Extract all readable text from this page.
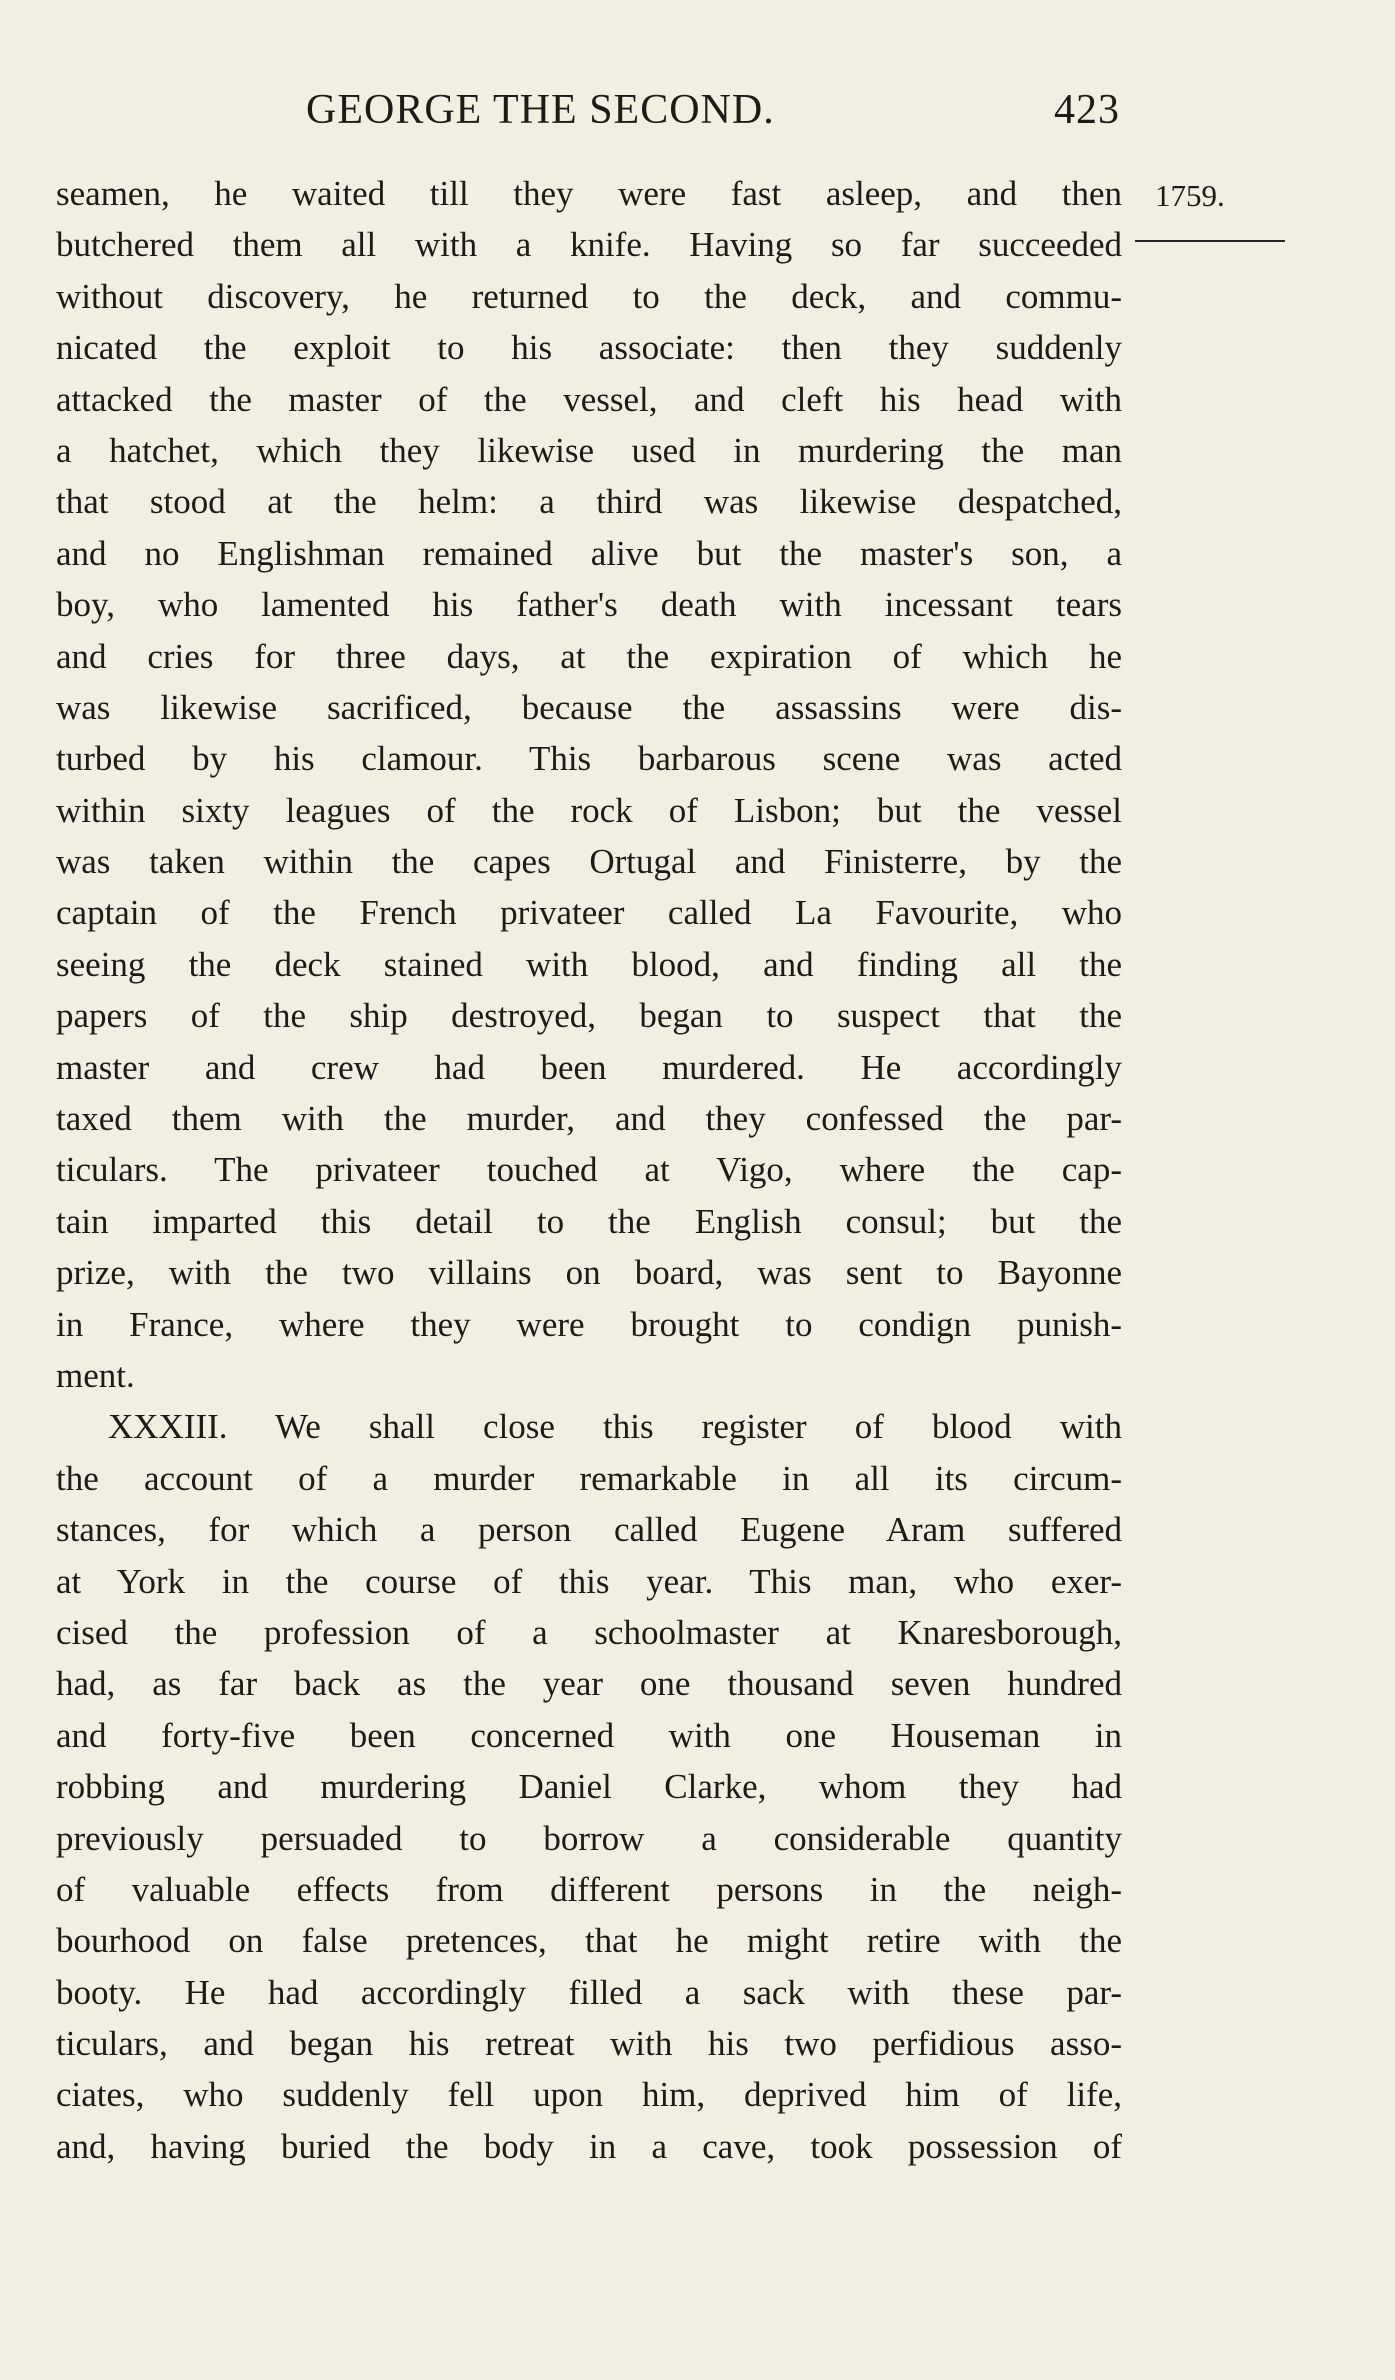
GEORGE THE SECOND.	423
1759.
seamen, he waited till they were fast asleep, and then
butchered them all with a knife. Having so far succeeded
without discovery, he returned to the deck, and commu-
nicated the exploit to his associate: then they suddenly
attacked the master of the vessel, and cleft his head with
a hatchet, which they likewise used in murdering the man
that stood at the helm: a third was likewise despatched,
and no Englishman remained alive but the master's son, a
boy, who lamented his father's death with incessant tears
and cries for three days, at the expiration of which he
was likewise sacrificed, because the assassins were dis-
turbed by his clamour. This barbarous scene was acted
within sixty leagues of the rock of Lisbon; but the vessel
was taken within the capes Ortugal and Finisterre, by the
captain of the French privateer called La Favourite, who
seeing the deck stained with blood, and finding all the
papers of the ship destroyed, began to suspect that the
master and crew had been murdered. He accordingly
taxed them with the murder, and they confessed the par-
ticulars. The privateer touched at Vigo, where the cap-
tain imparted this detail to the English consul; but the
prize, with the two villains on board, was sent to Bayonne
in France, where they were brought to condign punish-
ment.
XXXIII. We shall close this register of blood with
the account of a murder remarkable in all its circum-
stances, for which a person called Eugene Aram suffered
at York in the course of this year. This man, who exer-
cised the profession of a schoolmaster at Knaresborough,
had, as far back as the year one thousand seven hundred
and forty-five been concerned with one Houseman in
robbing and murdering Daniel Clarke, whom they had
previously persuaded to borrow a considerable quantity
of valuable effects from different persons in the neigh-
bourhood on false pretences, that he might retire with the
booty. He had accordingly filled a sack with these par-
ticulars, and began his retreat with his two perfidious asso-
ciates, who suddenly fell upon him, deprived him of life,
and, having buried the body in a cave, took possession of
